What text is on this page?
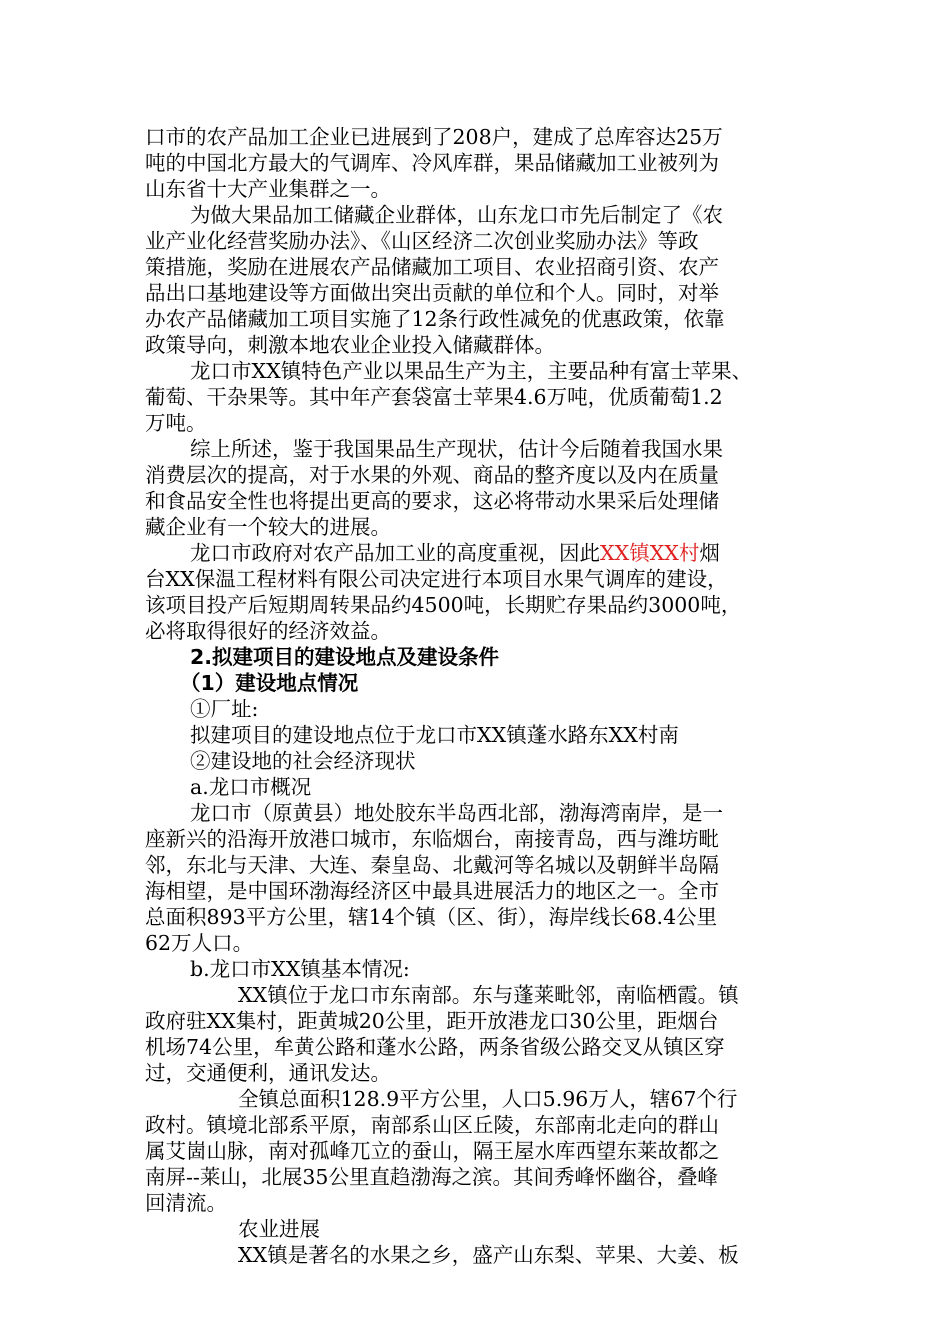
口市的农产品加工企业已进展到了208户，建成了总库容达25万
吨的中国北方最大的气调库、冷风库群，果品储藏加工业被列为
山东省十大产业集群之一。
为做大果品加工储藏企业群体，山东龙口市先后制定了《农
业产业化经营奖励办法》、《山区经济二次创业奖励办法》等政
策措施，奖励在进展农产品储藏加工项目、农业招商引资、农产
品出口基地建设等方面做出突出贡献的单位和个人。同时，对举
办农产品储藏加工项目实施了12条行政性减免的优惠政策，依靠
政策导向，刺激本地农业企业投入储藏群体。
龙口市XX镇特色产业以果品生产为主，主要品种有富士苹果、
葡萄、干杂果等。其中年产套袋富士苹果4.6万吨，优质葡萄1.2
万吨。
综上所述，鉴于我国果品生产现状，估计今后随着我国水果
消费层次的提高，对于水果的外观、商品的整齐度以及内在质量
和食品安全性也将提出更高的要求，这必将带动水果采后处理储
藏企业有一个较大的进展。
龙口市政府对农产品加工业的高度重视，因此XX镇XX村烟
台XX保温工程材料有限公司决定进行本项目水果气调库的建设，
该项目投产后短期周转果品约4500吨，长期贮存果品约3000吨，
必将取得很好的经济效益。
2.拟建项目的建设地点及建设条件
（1）建设地点情况
①厂址:
拟建项目的建设地点位于龙口市XX镇蓬水路东XX村南
②建设地的社会经济现状
a.龙口市概况
龙口市（原黄县）地处胶东半岛西北部，渤海湾南岸，是一
座新兴的沿海开放港口城市，东临烟台，南接青岛，西与潍坊毗
邻，东北与天津、大连、秦皇岛、北戴河等名城以及朝鲜半岛隔
海相望，是中国环渤海经济区中最具进展活力的地区之一。全市
总面积893平方公里，辖14个镇（区、街），海岸线长68.4公里
62万人口。
b.龙口市XX镇基本情况:
XX镇位于龙口市东南部。东与蓬莱毗邻，南临栖霞。镇
政府驻XX集村，距黄城20公里，距开放港龙口30公里，距烟台
机场74公里，牟黄公路和蓬水公路，两条省级公路交叉从镇区穿
过，交通便利，通讯发达。
全镇总面积128.9平方公里，人口5.96万人，辖67个行
政村。镇境北部系平原，南部系山区丘陵，东部南北走向的群山
属艾崮山脉，南对孤峰兀立的蚕山，隔王屋水库西望东莱故都之
南屏--莱山，北展35公里直趋渤海之滨。其间秀峰怀幽谷，叠峰
回清流。
农业进展
XX镇是著名的水果之乡，盛产山东梨、苹果、大姜、板
